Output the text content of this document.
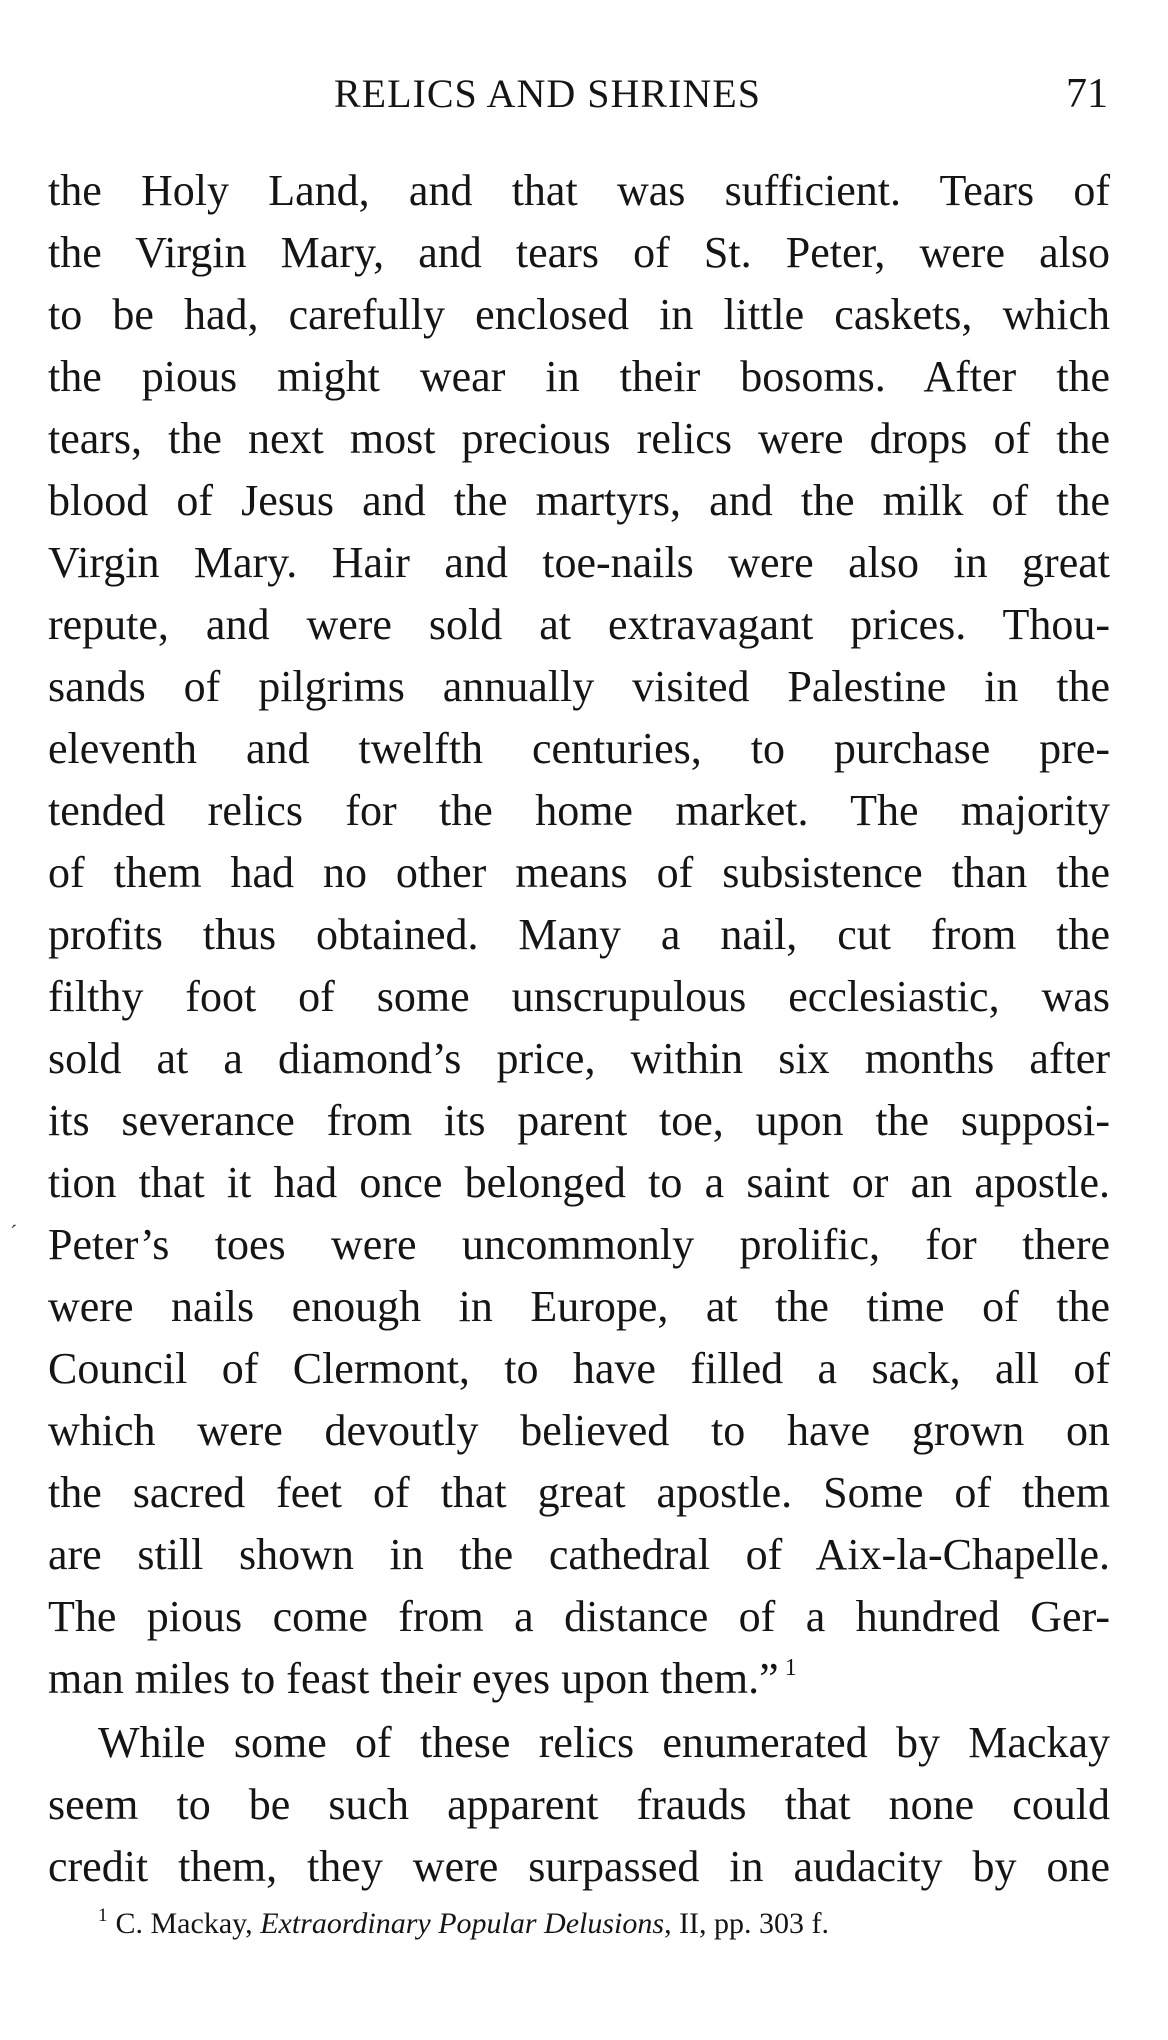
RELICS AND SHRINES	71
the Holy Land, and that was sufficient. Tears of
the Virgin Mary, and tears of St. Peter, were also
to be had, carefully enclosed in little caskets, which
the pious might wear in their bosoms. After the
tears, the next most precious relics were drops of the
blood of Jesus and the martyrs, and the milk of the
Virgin Mary. Hair and toe-nails were also in great
repute, and were sold at extravagant prices. Thou-
sands of pilgrims annually visited Palestine in the
eleventh and twelfth centuries, to purchase pre-
tended relics for the home market. The majority
of them had no other means of subsistence than the
profits thus obtained. Many a nail, cut from the
filthy foot of some unscrupulous ecclesiastic, was
sold at a diamond’s price, within six months after
its severance from its parent toe, upon the supposi-
tion that it had once belonged to a saint or an apostle.
Peter’s toes were uncommonly prolific, for there
were nails enough in Europe, at the time of the
Council of Clermont, to have filled a sack, all of
which were devoutly believed to have grown on
the sacred feet of that great apostle. Some of them
are still shown in the cathedral of Aix-la-Chapelle.
The pious come from a distance of a hundred Ger-
man miles to feast their eyes upon them.” $^1$
While some of these relics enumerated by Mackay
seem to be such apparent frauds that none could
credit them, they were surpassed in audacity by one
´
$^1$ C. Mackay, Extraordinary Popular Delusions, II, pp. 303 f.
